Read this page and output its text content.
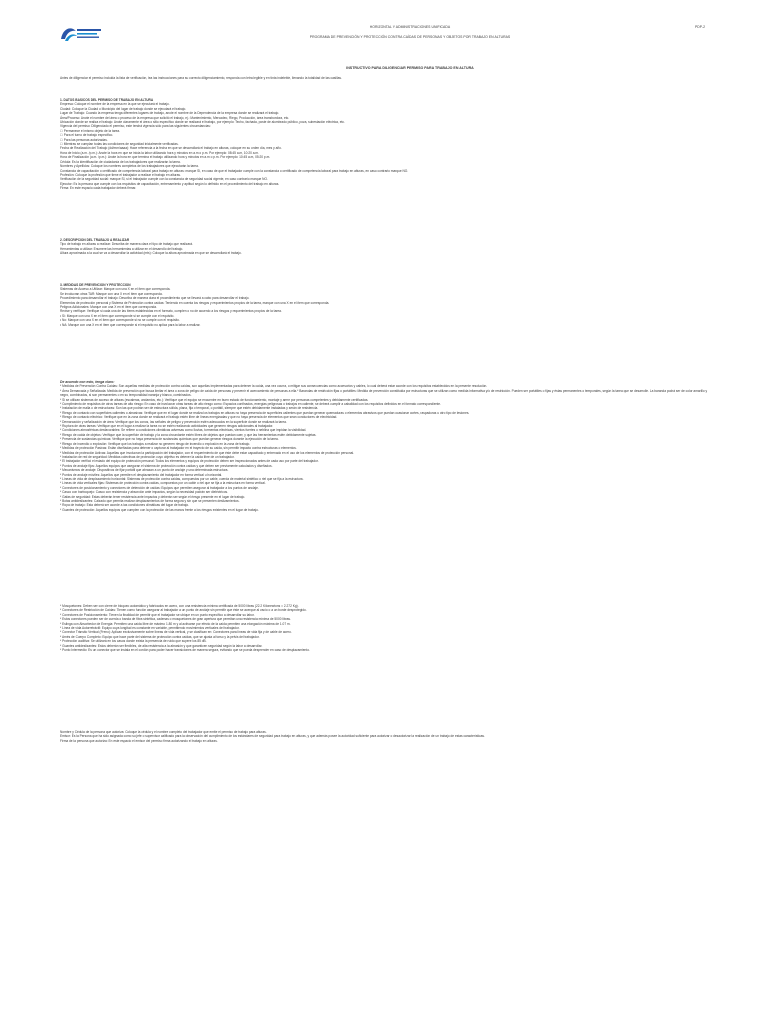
HORIZONTAL Y ADMINISTRACIONES UNIFICADA
PROGRAMA DE PREVENCIÓN Y PROTECCIÓN CONTRA CAÍDAS DE PERSONAS Y OBJETOS POR TRABAJO EN ALTURAS
PDP-2
INSTRUCTIVO PARA DILIGENCIAR PERMISO PARA TRABAJO EN ALTURA

Antes de diligenciar el permiso incluida la lista de verificación, lea las instrucciones para su correcto diligenciamiento, responda con letra legible y en tinta indeleble, llenando la totalidad de las casillas.

1. DATOS BASICOS DEL PERMISO DE TRABAJO EN ALTURA

Empresa: Coloque el nombre de la empresa en la que se ejecutará el trabajo.
Ciudad: Coloque la Ciudad o Municipio del lugar de trabajo donde se ejecutará el trabajo.
Lugar de Trabajo: Cuando la empresa tenga diferentes lugares de trabajo, anote el nombre de la Dependencia de la empresa donde se realizará el trabajo.
Área/Proceso: Anote el nombre del área o proceso de la empresa que solicitó el trabajo, ej.: Mantenimiento, Mercadeo, Riego, Producción, área transbordora, etc.
Ubicación donde se realiza el trabajo: Anote claramente el área o sitio específico donde se realizará el trabajo, por ejemplo: Techo, fachada, poste de alumbrado público, poza, subestación eléctrica, etc.
Vigencia del permiso: Diligenciado el permiso, este tendrá vigencia sólo para las siguientes circunstancias:
☐ Permanece el mismo objeto de la tarea.
☐ Para el turno de trabajo específico.
☐ Para las personas autorizadas.
☐ Mientras se cumplan todas las condiciones de seguridad inicialmente verificadas.
Fecha de Realización del Trabajo (dd/mm/aaaa): Hace referencia a la fecha en que se desarrollará el trabajo en alturas, coloque en su orden día, mes y año.
Hora de Inicio (a.m. /p.m.): Anote la hora en que se inicia la labor utilizando hora y minutos en a.m o p.m. Por ejemplo: 08:45 a.m, 10:20 a.m.
Hora de Finalización (a.m. /p.m.): Anote la hora en que termina el trabajo utilizando hora y minutos en a.m o p.m. Por ejemplo: 10:45 a.m, 05:20 p.m.
Cédula: Es la identificación de ciudadanía de los trabajadores que realizarán la tarea.
Nombres y Apellidos: Coloque los nombres completos de los trabajadores que ejecutarán la tarea.
Constancia de capacitación o certificado de competencia laboral para trabajo en alturas: marque SI, en caso de que el trabajador cumple con la constancia o certificado de competencia laboral para trabajo en alturas, en caso contrario marque NO.
Profesión: Coloque la profesión que tiene el trabajador a realizar el trabajo en alturas.
Verificación de la seguridad social: marque SI, si el trabajador cumple con la constancia de seguridad social vigente, en caso contrario marque NO.
Ejecutor: Es la persona que cumple con los requisitos de capacitación, entrenamiento y aptitud según lo definido en el procedimiento del trabajo en alturas.
Firma: En este espacio cada trabajador deberá firmar.

2. DESCRIPCION DEL TRABAJO A REALIZAR

Tipo de trabajo en alturas a realizar: Describa de manera clara el tipo de trabajo que realizará.
Herramientas a utilizar: Enumere las herramientas a utilizar en el desarrollo del trabajo.
Altura aproximada a la cual se va a desarrollar la actividad (mts): Coloque la altura aproximada en que se desarrollará el trabajo.

3. MEDIDAS DE PREVENCION Y PROTECCION

Sistemas de Acceso a Utilizar: Marque con una X en el ítem que corresponda.
Se involucran otras TAR: Marque con una X en el ítem que corresponda.
Procedimiento para desarrollar el trabajo: Describa de manera clara el procedimiento que se llevará a cabo para desarrollar el trabajo.
Elementos de protección personal y Sistema de Protección contra caídas: Teniendo en cuenta los riesgos y requerimientos propios de la tarea, marque con una X en el ítem que corresponda.
Peligros Adicionales: Marque con una X en el ítem que corresponda.
Revise y verifique: Verifique si cada una de las ítems establecidas en el formato, cumplen o no de acuerdo a los riesgos y requerimientos propios de la tarea.
• Sí: Marque con una X en el ítem que corresponde si se cumple con el requisito.
• No: Marque con una X en el ítem que corresponde si no se cumple con el requisito.
• NA: Marque con una X en el ítem que corresponde si el requisito no aplica para la labor a realizar.

De acuerdo con esto, tenga claro:

* Medidas de Prevención Contra Caídas: Son aquellas medidas de protección contra caídas, son aquellas implementadas para detener la caída, una vez ocurra, o mitigar sus consecuencias como accesorios y cables, lo cual deberá estar acorde con los requisitos establecidos en la presente resolución.
* Área Demarcada y Señalizada: Medida de prevención que busca limitar el área o zona de peligro de caída de personas y prevenir el acercamiento de personas a ella.* Barandas de restricción fijas o portátiles: Medida de prevención constituida por estructuras que se utilizan como medida informativa y/o de restricción. Pueden ser portátiles o fijas y éstas permanentes o temporales, según la tarea que se desarrolle. La baranda podrá ser de color amarillo y negro, combinados, si son permanentes o en su temporalidad naranja y blanco, combinados.
* Si se utilizan sistemas de acceso de alturas (escaleras, andamios, etc.): Verifique que el equipo se encuentre en buen estado de funcionamiento, montaje y arme por personas competentes y debidamente certificadas.
* Cumplimiento de requisitos de otros tareas de alto riesgo: En caso de involucrar otras tareas de alto riesgo como: Espacios confinados, energías peligrosas o trabajos en caliente, se deberá cumplir a cabalidad con los requisitos definidos en el formato correspondiente.
* Instalación de malla o de estructuras: Son las que podrán ser de estructura sólida, plana, fija o temporal, o portátil, siempre que estén debidamente instaladas y serán de resistencia.
* Riesgo de contacto con superficies calientes o abrasivas: Verifique que en el lugar donde se realiza los trabajos en alturas no haya presencia de superficies calientes que puedan generar quemaduras o elementos abrasivos que puedan ocasionar cortes, raspaduras u otro tipo de lesiones.
* Riesgo de contacto eléctrico: Verifique que en la zona donde se realizará el trabajo estén libre de líneas energizadas y que no haya presencia de elementos que sean conductores de electricidad.
* Demarcación y señalización de área: Verifique que los conos, las señales de peligro y prevención estén adecuados en la superficie donde se realizará la tarea.
* Ruptura de otras tareas: Verifique que en el lugar a realizar la tarea no se estén realizando actividades que generen riesgos adicionales al trabajador.
* Condiciones atmosféricas desfavorables: Se refiere a condiciones climáticas adversas como lluvias, tormentas eléctricas, vientos fuertes o neblina que impidan la visibilidad.
* Riesgo de caída de objetos: Verifique que la superficie de trabajo y la zona circundante estén libres de objetos que puedan caer, y que las herramientas estén debidamente sujetas.
* Presencia de sustancias químicas: Verifique que no haya presencia de sustancias químicas que puedan generar riesgos durante la ejecución de la tarea.
* Riesgo de incendio o explosión: Verifique que los trabajos a realizar no generen riesgo de incendio o explosión en la zona de trabajo.
* Medidas de protección Pasivas: Están diseñadas para detener o capturar al trabajador en el trayecto de su caída, sin permitir impacto contra estructuras o elementos.
* Medidas de protección Activas: Aquellas que involucran la participación del trabajador, con el requerimiento de que éste debe estar capacitado y entrenado en el uso de los elementos de protección personal.
* Instalación de red de seguridad: Medidas colectivas de protección cuyo objetivo es detener la caída libre de un trabajador.
* El trabajador verificó el estado del equipo de protección personal: Todos los elementos y equipos de protección deben ser inspeccionados antes de cada uso por parte del trabajador.
* Puntos de anclaje fijos: Aquellos equipos que aseguran el sistema de protección contra caídas y que deben ser previamente calculados y diseñados.
* Mecanismos de anclaje: Dispositivos de fijar portátil que abrazan a un punto de anclaje y una determinada estructura.
* Puntos de anclaje móviles: Aquellos que permiten el desplazamiento del trabajador en forma vertical u horizontal.
* Líneas de vida de desplazamiento horizontal: Sistemas de protección contra caídas, compuestos por un cable, cuerda de material sintético o riel que se fija a la estructura.
* Líneas de vida verticales fijas: Sistemas de protección contra caídas, compuestos por un cable o riel que se fija a la estructura en forma vertical.
* Conectores de posicionamiento y conectores de detención de caídas: Equipos que permiten asegurar al trabajador a los puntos de anclaje.
* Casco con barboquejo: Casco con resistencia y absorción ante impactos, según la necesidad podrán ser dieléctricos.
* Gafas de seguridad: Estas deberán tener resistencia ante impactos y deberán ser según el riesgo presente en el lugar de trabajo.
* Botas antideslizantes: Calzado que permita realizar desplazamientos de forma segura y sin que se presenten deslizamientos.
* Ropa de trabajo: Esta deberá ser acorde a las condiciones climáticas del lugar de trabajo.
* Guantes de protección: Aquellos equipos que cumplen con la protección de las manos frente a los riesgos existentes en el lugar de trabajo.
* Mosquetones: Deben ser con cierre de bloqueo automático y fabricados en acero, con una resistencia mínima certificada de 5000 libras (22.2 Kilonewtons = 2.272 Kg).
* Conectores de Restricción de Caídas: Tienen como función asegurar al trabajador a un punto de anclaje sin permitir que éste se acerque al vacío o a un borde desprotegido.
* Conectores de Posicionamiento: Tienen la finalidad de permitir que el trabajador se ubique en un punto específico a desarrollar su labor.
* Estos conectores pueden ser de cuerda o banda de fibra sintética, cadenas o mosquetones de gran apertura que permitan una resistencia mínima de 5000 libras.
* Eslinga con Absorbedor de Energía: Permiten una caída libre de máximo 1.80 m y al activarse por efecto de la caída permiten una elongación máxima de 1.07 m.
* Línea de vida Autorretráctil: Equipo cuya longitud es constante en variable, permitiendo movimientos verticales del trabajador.
* Conector Tránsito Vertical (Freno): Aplican exclusivamente sobre líneas de vida vertical, y se clasifican en: Conectores para líneas de vida fija y de cable de acero.
* Arnés de Cuerpo Completo: Equipo que hace parte del sistema de protección contra caídas, que se ajusta al torso y la pelvis del trabajador.
* Protección auditiva: Se utilizará en los casos donde exista la presencia de ruido que supere los 85 dB.
* Guantes antideslizantes: Estos deberán ser flexibles, de alta resistencia a la abrasión y que garanticen seguridad según la labor a desarrollar.
* Punto Intermedio: Es un conector que se instala en el cordón para poder hacer transiciones de manera segura, evitando que se pueda desprender en caso de desplazamiento.
Nombre y Cédula de la persona que autoriza: Coloque la cédula y el nombre completo del trabajador que emite el permiso de trabajo para alturas.
Emisor: Es la Persona que ha sido asignada como su jefe o supervisor calificado para la observación del cumplimiento de los estándares de seguridad para trabajo en alturas, y que además posee la autoridad suficiente para autorizar o desautorizar la realización de un trabajo de estas características.
Firma de la persona que autoriza: En este espacio el emisor del permiso firma autorizando el trabajo en alturas.
